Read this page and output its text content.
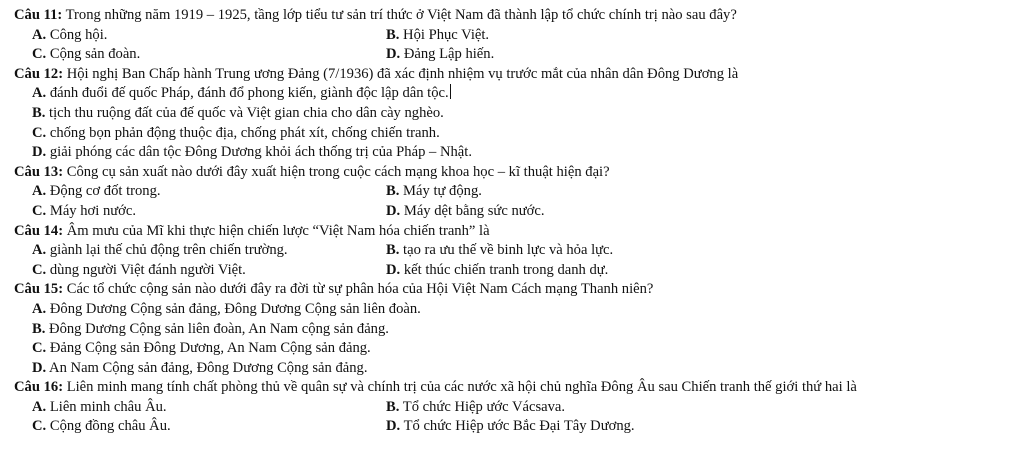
Câu 11: Trong những năm 1919 – 1925, tầng lớp tiểu tư sản trí thức ở Việt Nam đã thành lập tổ chức chính trị nào sau đây?
A. Công hội.	B. Hội Phục Việt.
C. Cộng sản đoàn.	D. Đảng Lập hiến.
Câu 12: Hội nghị Ban Chấp hành Trung ương Đảng (7/1936) đã xác định nhiệm vụ trước mắt của nhân dân Đông Dương là
A. đánh đuổi đế quốc Pháp, đánh đổ phong kiến, giành độc lập dân tộc.
B. tịch thu ruộng đất của đế quốc và Việt gian chia cho dân cày nghèo.
C. chống bọn phản động thuộc địa, chống phát xít, chống chiến tranh.
D. giải phóng các dân tộc Đông Dương khỏi ách thống trị của Pháp – Nhật.
Câu 13: Công cụ sản xuất nào dưới đây xuất hiện trong cuộc cách mạng khoa học – kĩ thuật hiện đại?
A. Động cơ đốt trong.	B. Máy tự động.
C. Máy hơi nước.	D. Máy dệt bằng sức nước.
Câu 14: Âm mưu của Mĩ khi thực hiện chiến lược “Việt Nam hóa chiến tranh” là
A. giành lại thế chủ động trên chiến trường.	B. tạo ra ưu thế về binh lực và hỏa lực.
C. dùng người Việt đánh người Việt.	D. kết thúc chiến tranh trong danh dự.
Câu 15: Các tổ chức cộng sản nào dưới đây ra đời từ sự phân hóa của Hội Việt Nam Cách mạng Thanh niên?
A. Đông Dương Cộng sản đảng, Đông Dương Cộng sản liên đoàn.
B. Đông Dương Cộng sản liên đoàn, An Nam cộng sản đảng.
C. Đảng Cộng sản Đông Dương, An Nam Cộng sản đảng.
D. An Nam Cộng sản đảng, Đông Dương Cộng sản đảng.
Câu 16: Liên minh mang tính chất phòng thủ về quân sự và chính trị của các nước xã hội chủ nghĩa Đông Âu sau Chiến tranh thế giới thứ hai là
A. Liên minh châu Âu.	B. Tổ chức Hiệp ước Vácsava.
C. Cộng đồng châu Âu.	D. Tổ chức Hiệp ước Bắc Đại Tây Dương.
